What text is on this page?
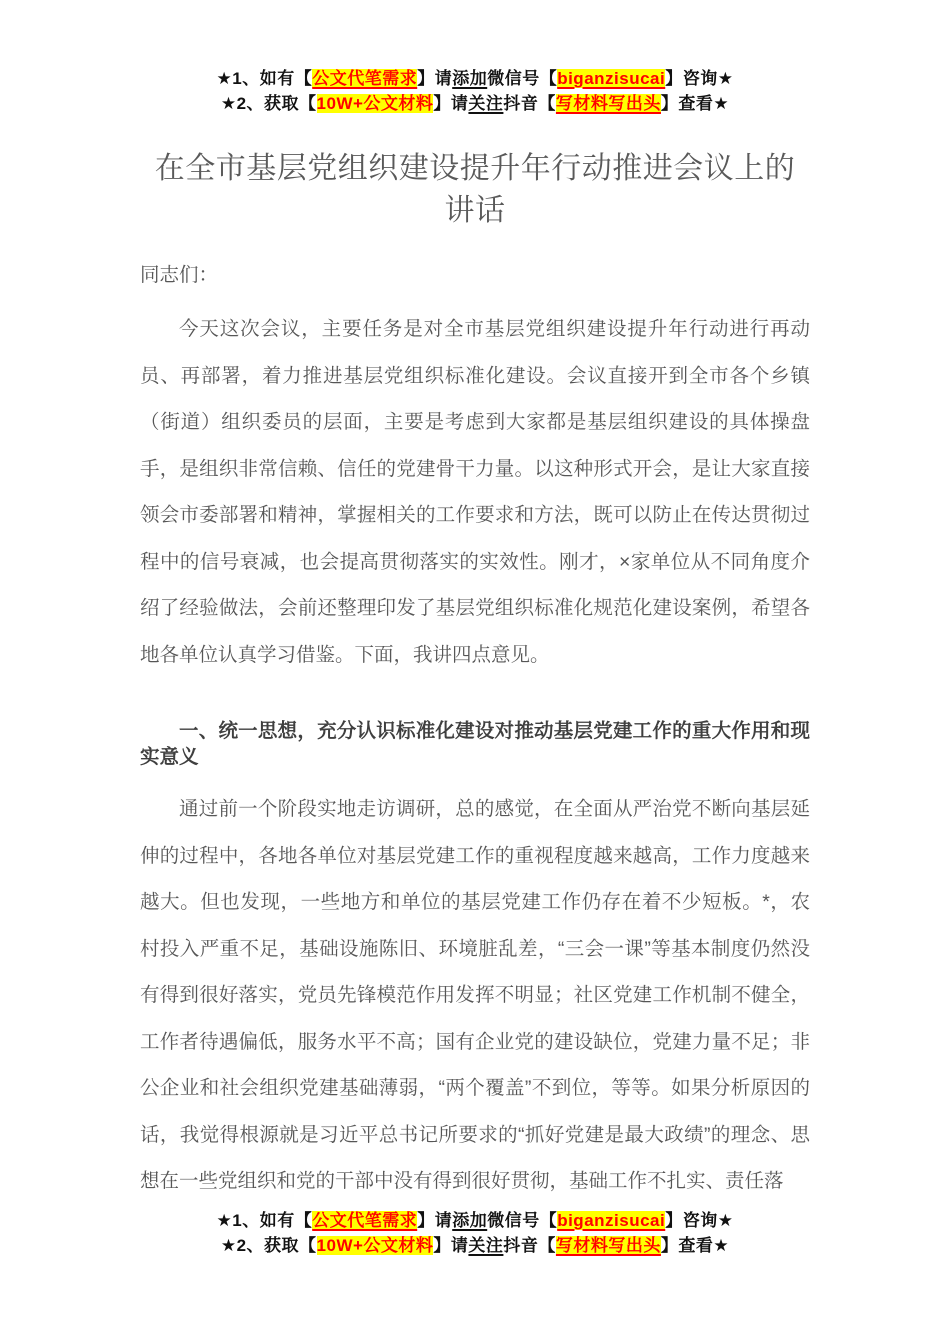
★1、如有【公文代笔需求】请添加微信号【biganzisucai】咨询★
★2、获取【10W+公文材料】请关注抖音【写材料写出头】查看★
在全市基层党组织建设提升年行动推进会议上的讲话

同志们：

今天这次会议，主要任务是对全市基层党组织建设提升年行动进行再动员、再部署，着力推进基层党组织标准化建设。会议直接开到全市各个乡镇（街道）组织委员的层面，主要是考虑到大家都是基层组织建设的具体操盘手，是组织非常信赖、信任的党建骨干力量。以这种形式开会，是让大家直接领会市委部署和精神，掌握相关的工作要求和方法，既可以防止在传达贯彻过程中的信号衰减，也会提高贯彻落实的实效性。刚才，×家单位从不同角度介绍了经验做法，会前还整理印发了基层党组织标准化规范化建设案例，希望各地各单位认真学习借鉴。下面，我讲四点意见。

一、统一思想，充分认识标准化建设对推动基层党建工作的重大作用和现实意义

通过前一个阶段实地走访调研，总的感觉，在全面从严治党不断向基层延伸的过程中，各地各单位对基层党建工作的重视程度越来越高，工作力度越来越大。但也发现，一些地方和单位的基层党建工作仍存在着不少短板。*，农村投入严重不足，基础设施陈旧、环境脏乱差，“三会一课”等基本制度仍然没有得到很好落实，党员先锋模范作用发挥不明显；社区党建工作机制不健全，工作者待遇偏低，服务水平不高；国有企业党的建设缺位，党建力量不足；非公企业和社会组织党建基础薄弱，“两个覆盖”不到位，等等。如果分析原因的话，我觉得根源就是习近平总书记所要求的“抓好党建是最大政绩”的理念、思想在一些党组织和党的干部中没有得到很好贯彻，基础工作不扎实、责任落

★1、如有【公文代笔需求】请添加微信号【biganzisucai】咨询★
★2、获取【10W+公文材料】请关注抖音【写材料写出头】查看★
